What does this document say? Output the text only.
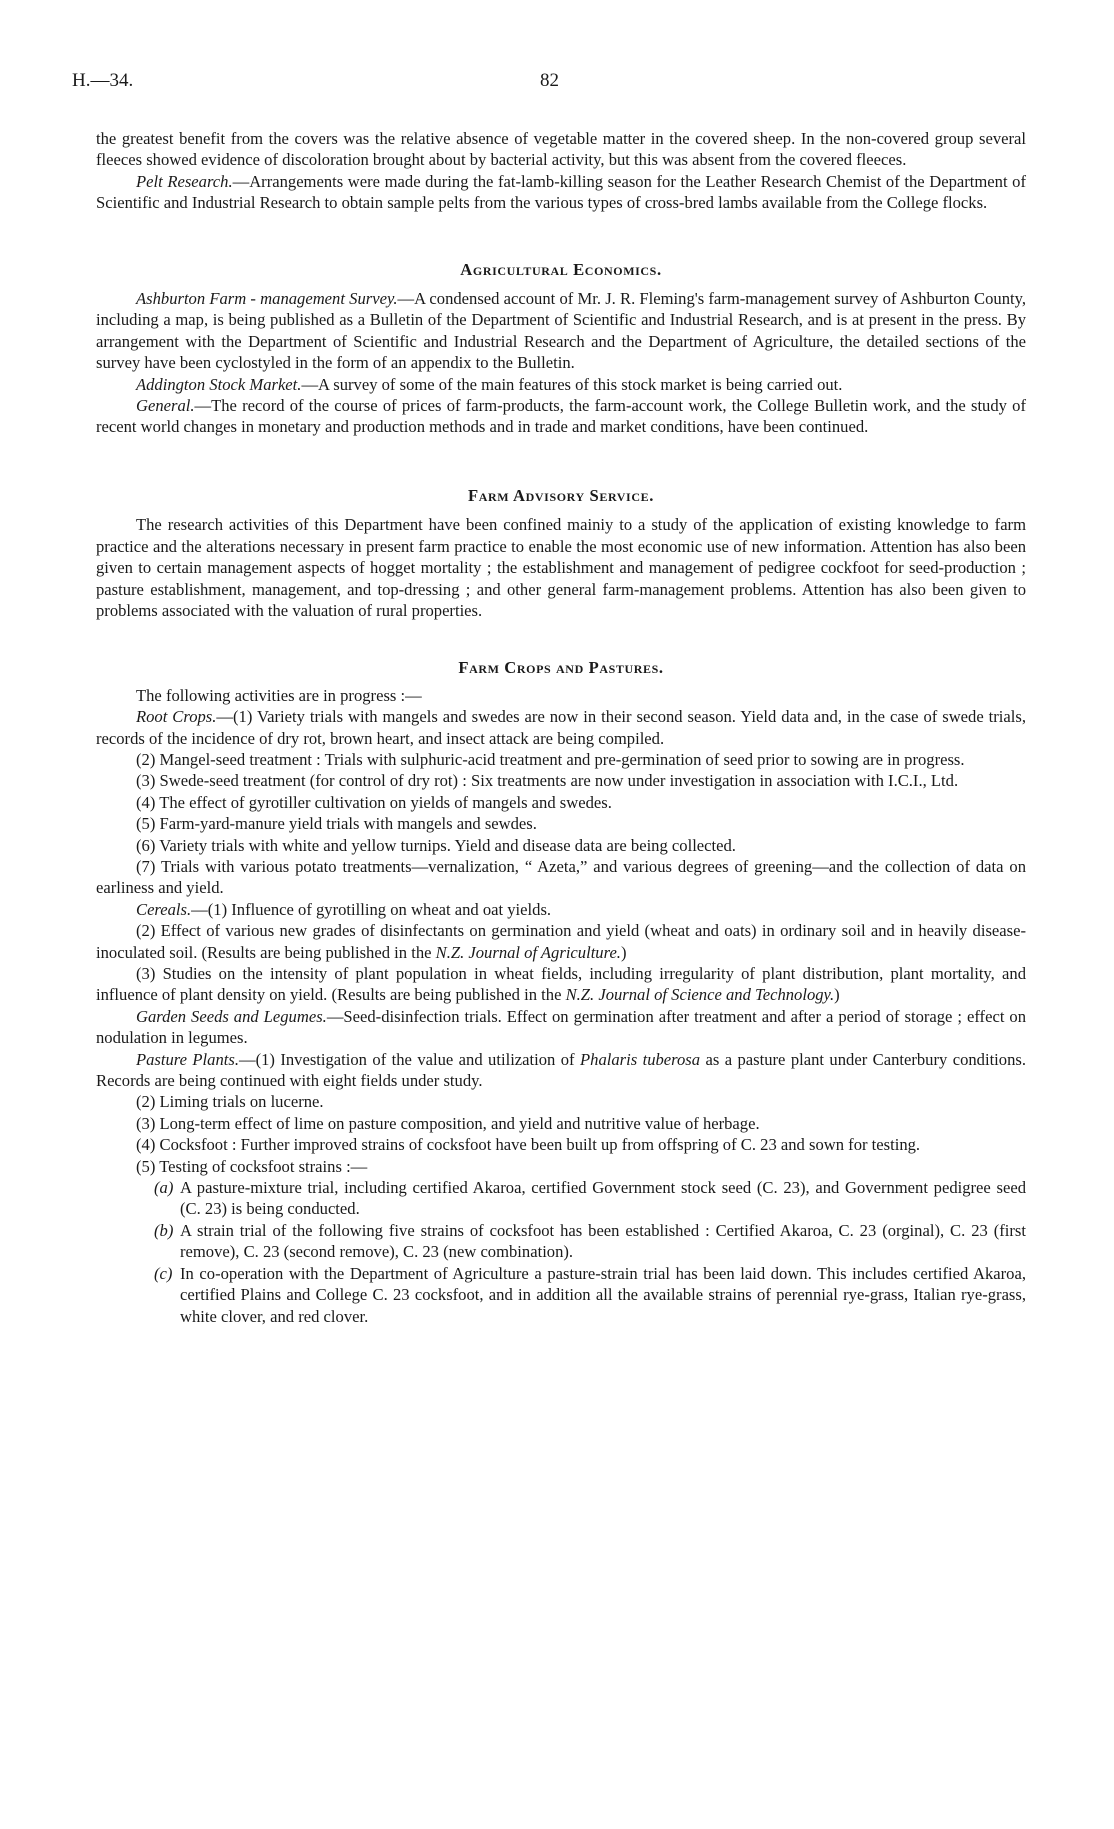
H.—34.	82

the greatest benefit from the covers was the relative absence of vegetable matter in the covered sheep. In the non-covered group several fleeces showed evidence of discoloration brought about by bacterial activity, but this was absent from the covered fleeces.

Pelt Research.—Arrangements were made during the fat-lamb-killing season for the Leather Research Chemist of the Department of Scientific and Industrial Research to obtain sample pelts from the various types of cross-bred lambs available from the College flocks.

Agricultural Economics.

Ashburton Farm - management Survey.—A condensed account of Mr. J. R. Fleming's farm-management survey of Ashburton County, including a map, is being published as a Bulletin of the Department of Scientific and Industrial Research, and is at present in the press. By arrangement with the Department of Scientific and Industrial Research and the Department of Agriculture, the detailed sections of the survey have been cyclostyled in the form of an appendix to the Bulletin.

Addington Stock Market.—A survey of some of the main features of this stock market is being carried out.

General.—The record of the course of prices of farm-products, the farm-account work, the College Bulletin work, and the study of recent world changes in monetary and production methods and in trade and market conditions, have been continued.

Farm Advisory Service.

The research activities of this Department have been confined mainiy to a study of the application of existing knowledge to farm practice and the alterations necessary in present farm practice to enable the most economic use of new information. Attention has also been given to certain management aspects of hogget mortality ; the establishment and management of pedigree cockfoot for seed-production ; pasture establishment, management, and top-dressing ; and other general farm-management problems. Attention has also been given to problems associated with the valuation of rural properties.

Farm Crops and Pastures.

The following activities are in progress :—

Root Crops.—(1) Variety trials with mangels and swedes are now in their second season. Yield data and, in the case of swede trials, records of the incidence of dry rot, brown heart, and insect attack are being compiled.

(2) Mangel-seed treatment : Trials with sulphuric-acid treatment and pre-germination of seed prior to sowing are in progress.

(3) Swede-seed treatment (for control of dry rot) : Six treatments are now under investigation in association with I.C.I., Ltd.

(4) The effect of gyrotiller cultivation on yields of mangels and swedes.

(5) Farm-yard-manure yield trials with mangels and sewdes.

(6) Variety trials with white and yellow turnips. Yield and disease data are being collected.

(7) Trials with various potato treatments—vernalization, “ Azeta,” and various degrees of greening—and the collection of data on earliness and yield.

Cereals.—(1) Influence of gyrotilling on wheat and oat yields.

(2) Effect of various new grades of disinfectants on germination and yield (wheat and oats) in ordinary soil and in heavily disease-inoculated soil. (Results are being published in the N.Z. Journal of Agriculture.)

(3) Studies on the intensity of plant population in wheat fields, including irregularity of plant distribution, plant mortality, and influence of plant density on yield. (Results are being published in the N.Z. Journal of Science and Technology.)

Garden Seeds and Legumes.—Seed-disinfection trials. Effect on germination after treatment and after a period of storage ; effect on nodulation in legumes.

Pasture Plants.—(1) Investigation of the value and utilization of Phalaris tuberosa as a pasture plant under Canterbury conditions. Records are being continued with eight fields under study.

(2) Liming trials on lucerne.

(3) Long-term effect of lime on pasture composition, and yield and nutritive value of herbage.

(4) Cocksfoot : Further improved strains of cocksfoot have been built up from offspring of C. 23 and sown for testing.

(5) Testing of cocksfoot strains :—

(a) A pasture-mixture trial, including certified Akaroa, certified Government stock seed (C. 23), and Government pedigree seed (C. 23) is being conducted.
(b) A strain trial of the following five strains of cocksfoot has been established : Certified Akaroa, C. 23 (orginal), C. 23 (first remove), C. 23 (second remove), C. 23 (new combination).
(c) In co-operation with the Department of Agriculture a pasture-strain trial has been laid down. This includes certified Akaroa, certified Plains and College C. 23 cocksfoot, and in addition all the available strains of perennial rye-grass, Italian rye-grass, white clover, and red clover.
